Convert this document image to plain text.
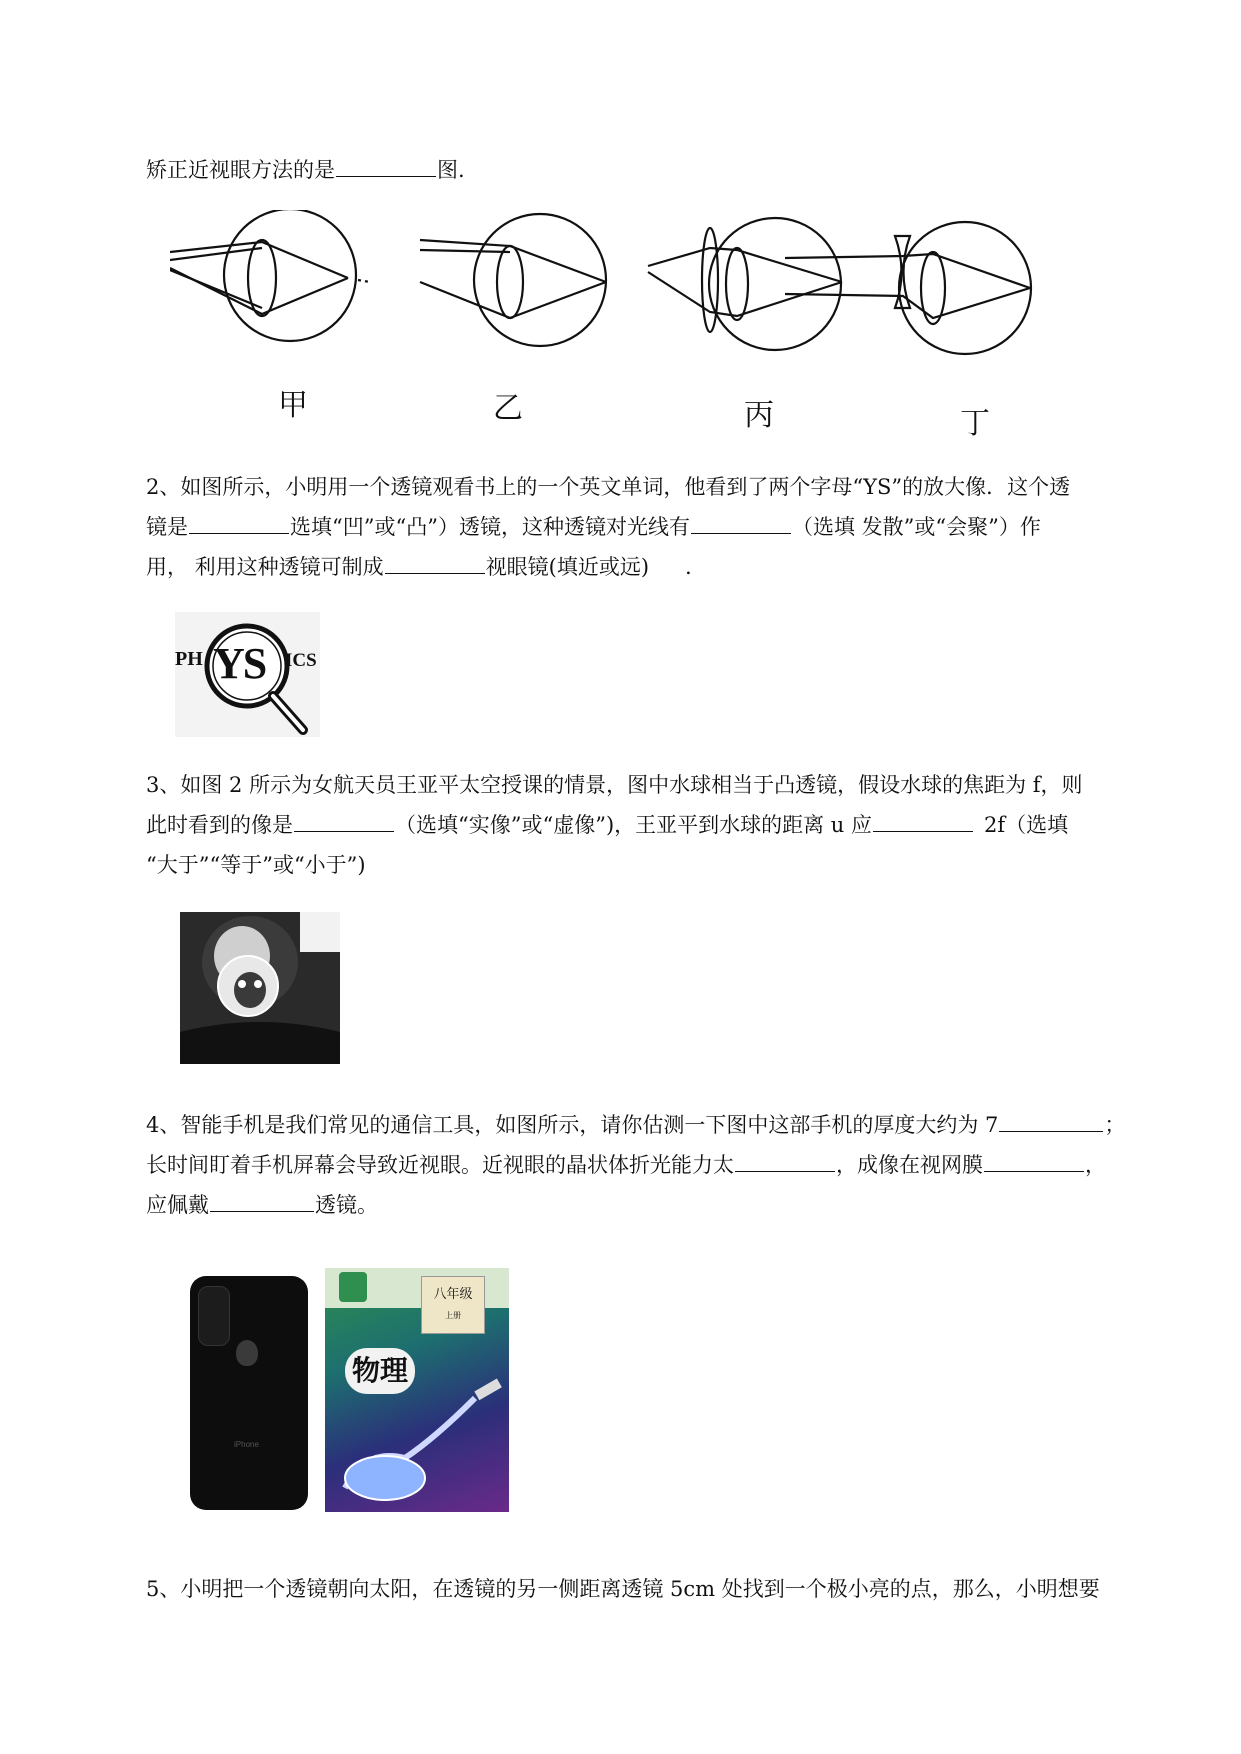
矫正近视眼方法的是	图.
甲	乙	丙	丁
2、如图所示，小明用一个透镜观看书上的一个英文单词，他看到了两个字母“YS”的放大像．这个透
镜是	选填“凹”或“凸”）透镜，这种透镜对光线有	（选填 发散”或“会聚”）作
用， 利用这种透镜可制成	视眼镜(填近或远) ．
PH YS ICS
3、如图 2 所示为女航天员王亚平太空授课的情景，图中水球相当于凸透镜，假设水球的焦距为 f，则
此时看到的像是	（选填“实像”或“虚像”)，王亚平到水球的距离 u 应	2f（选填
“大于”“等于”或“小于”)
4、智能手机是我们常见的通信工具，如图所示，请你估测一下图中这部手机的厚度大约为 7	；
长时间盯着手机屏幕会导致近视眼。近视眼的晶状体折光能力太	，成像在视网膜	，
应佩戴	透镜。
iPhone
八年级
上册
物理
5、小明把一个透镜朝向太阳，在透镜的另一侧距离透镜 5cm 处找到一个极小亮的点，那么，小明想要
